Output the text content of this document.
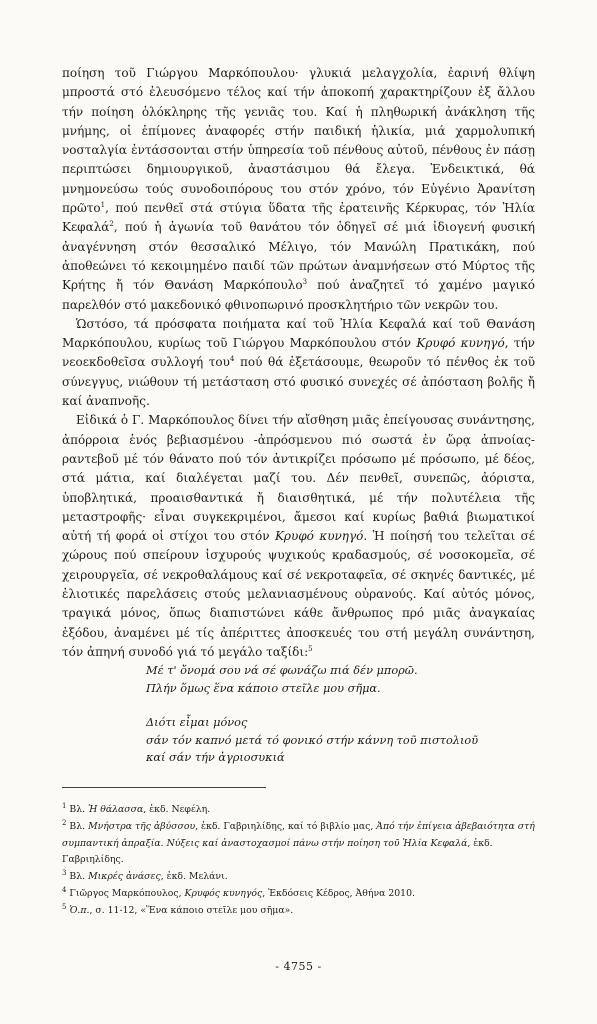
ποίηση τοῦ Γιώργου Μαρκόπουλου· γλυκιά μελαγχολία, ἐαρινή θλίψη μπροστά στό ἐλευσόμενο τέλος καί τήν ἀποκοπή χαρακτηρίζουν ἐξ ἄλλου τήν ποίηση ὁλόκληρης τῆς γενιᾶς του. Καί ἡ πληθωρική ἀνάκληση τῆς μνήμης, οἱ ἐπίμονες ἀναφορές στήν παιδική ἡλικία, μιά χαρμολυπική νοσταλγία ἐντάσσονται στήν ὑπηρεσία τοῦ πένθους αὐτοῦ, πένθους ἐν πάσῃ περιπτώσει δημιουργικοῦ, ἀναστάσιμου θά ἔλεγα. Ἐνδεικτικά, θά μνημονεύσω τούς συνοδοιπόρους του στόν χρόνο, τόν Εὐγένιο Ἀρανίτση πρῶτο$^1$, πού πενθεῖ στά στύγια ὕδατα τῆς ἐρατεινῆς Κέρκυρας, τόν Ἠλία Κεφαλά$^2$, πού ἡ ἀγωνία τοῦ θανάτου τόν ὁδηγεῖ σέ μιά ἰδιογενή φυσική ἀναγέννηση στόν θεσσαλικό Μέλιγο, τόν Μανώλη Πρατικάκη, πού ἀποθεώνει τό κεκοιμημένο παιδί τῶν πρώτων ἀναμνήσεων στό Μύρτος τῆς Κρήτης ἤ τόν Θανάση Μαρκόπουλο$^3$ πού ἀναζητεῖ τό χαμένο μαγικό παρελθόν στό μακεδονικό φθινοπωρινό προσκλητήριο τῶν νεκρῶν του.

Ὡστόσο, τά πρόσφατα ποιήματα καί τοῦ Ἠλία Κεφαλά καί τοῦ Θανάση Μαρκόπουλου, κυρίως τοῦ Γιώργου Μαρκόπουλου στόν Κρυφό κυνηγό, τήν νεοεκδοθεῖσα συλλογή του$^4$ πού θά ἐξετάσουμε, θεωροῦν τό πένθος ἐκ τοῦ σύνεγγυς, νιώθουν τή μετάσταση στό φυσικό συνεχές σέ ἀπόσταση βολῆς ἤ καί ἀναπνοῆς.

Εἰδικά ὁ Γ. Μαρκόπουλος δίνει τήν αἴσθηση μιᾶς ἐπείγουσας συνάντησης, ἀπόρροια ἑνός βεβιασμένου -ἀπρόσμενου πιό σωστά ἐν ὥρᾳ ἀπνοίας- ραντεβοῦ μέ τόν θάνατο πού τόν ἀντικρίζει πρόσωπο μέ πρόσωπο, μέ δέος, στά μάτια, καί διαλέγεται μαζί του. Δέν πενθεῖ, συνεπῶς, ἀόριστα, ὑποβλητικά, προαισθαντικά ἤ διαισθητικά, μέ τήν πολυτέλεια τῆς μεταστροφῆς· εἶναι συγκεκριμένοι, ἄμεσοι καί κυρίως βαθιά βιωματικοί αὐτή τή φορά οἱ στίχοι του στόν Κρυφό κυνηγό. Ἡ ποίησή του τελεῖται σέ χώρους πού σπείρουν ἰσχυρούς ψυχικούς κραδασμούς, σέ νοσοκομεῖα, σέ χειρουργεῖα, σέ νεκροθαλάμους καί σέ νεκροταφεῖα, σέ σκηνές δαντικές, μέ ἐλιοτικές παρελάσεις στούς μελανιασμένους οὐρανούς. Καί αὐτός μόνος, τραγικά μόνος, ὅπως διαπιστώνει κάθε ἄνθρωπος πρό μιᾶς ἀναγκαίας ἐξόδου, ἀναμένει μέ τίς ἀπέριττες ἀποσκευές του στή μεγάλη συνάντηση, τόν ἀπηνή συνοδό γιά τό μεγάλο ταξίδι:$^5$

Μέ τ' ὄνομά σου νά σέ φωνάζω πιά δέν μπορῶ.
Πλήν ὅμως ἕνα κάποιο στεῖλε μου σῆμα.
Διότι εἶμαι μόνος
σάν τόν καπνό μετά τό φονικό στήν κάννη τοῦ πιστολιοῦ
καί σάν τήν ἀγριοσυκιά

$^1$ Βλ. Ἡ θάλασσα, ἐκδ. Νεφέλη.

$^2$ Βλ. Μνήστρα τῆς ἀβύσσου, ἐκδ. Γαβριηλίδης, καί τό βιβλίο μας, Ἀπό τήν ἐπίγεια ἀβεβαιότητα στή συμπαντική ἀπραξία. Νύξεις καί ἀναστοχασμοί πάνω στήν ποίηση τοῦ Ἠλία Κεφαλά, ἐκδ. Γαβριηλίδης.

$^3$ Βλ. Μικρές ἀνάσες, ἐκδ. Μελάνι.

$^4$ Γιῶργος Μαρκόπουλος, Κρυφός κυνηγός, Ἐκδόσεις Κέδρος, Ἀθήνα 2010.

$^5$ Ὁ.π., σ. 11-12, «Ἕνα κάποιο στεῖλε μου σῆμα».

- 4755 -
